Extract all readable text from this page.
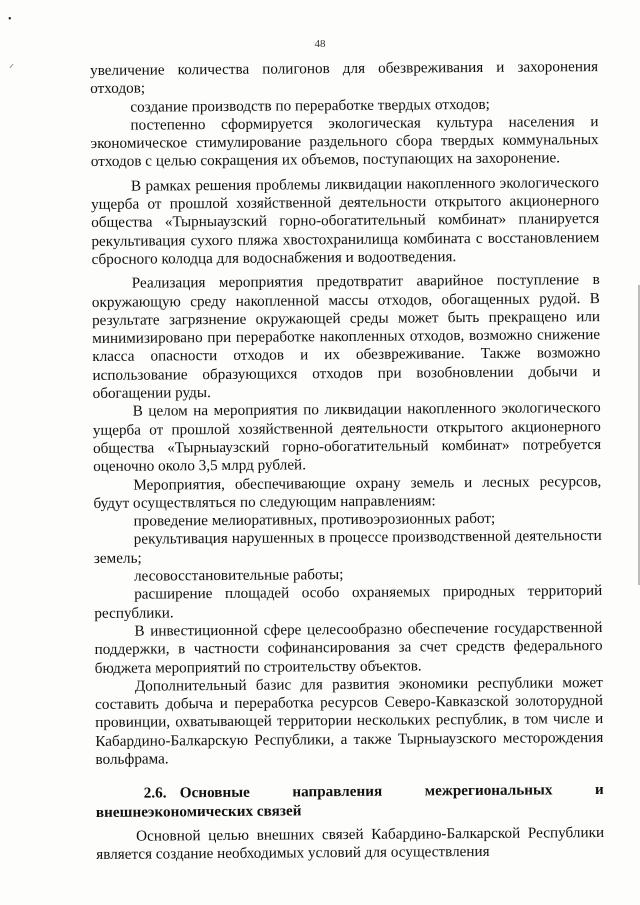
•
⸝
48

увеличение количества полигонов для обезвреживания и захоронения отходов;

создание производств по переработке твердых отходов;

постепенно сформируется экологическая культура населения и экономическое стимулирование раздельного сбора твердых коммунальных отходов с целью сокращения их объемов, поступающих на захоронение.

В рамках решения проблемы ликвидации накопленного экологического ущерба от прошлой хозяйственной деятельности открытого акционерного общества «Тырныаузский горно-обогатительный комбинат» планируется рекультивация сухого пляжа хвостохранилища комбината с восстановлением сбросного колодца для водоснабжения и водоотведения.

Реализация мероприятия предотвратит аварийное поступление в окружающую среду накопленной массы отходов, обогащенных рудой. В результате загрязнение окружающей среды может быть прекращено или минимизировано при переработке накопленных отходов, возможно снижение класса опасности отходов и их обезвреживание. Также возможно использование образующихся отходов при возобновлении добычи и обогащении руды.

В целом на мероприятия по ликвидации накопленного экологического ущерба от прошлой хозяйственной деятельности открытого акционерного общества «Тырныаузский горно-обогатительный комбинат» потребуется оценочно около 3,5 млрд рублей.

Мероприятия, обеспечивающие охрану земель и лесных ресурсов, будут осуществляться по следующим направлениям:

проведение мелиоративных, противоэрозионных работ;

рекультивация нарушенных в процессе производственной деятельности земель;

лесовосстановительные работы;

расширение площадей особо охраняемых природных территорий республики.

В инвестиционной сфере целесообразно обеспечение государственной поддержки, в частности софинансирования за счет средств федерального бюджета мероприятий по строительству объектов.

Дополнительный базис для развития экономики республики может составить добыча и переработка ресурсов Северо-Кавказской золоторудной провинции, охватывающей территории нескольких республик, в том числе и Кабардино-Балкарскую Республики, а также Тырныаузского месторождения вольфрама.

2.6. Основные направления межрегиональных и внешнеэкономических связей

Основной целью внешних связей Кабардино-Балкарской Республики является создание необходимых условий для осуществления
